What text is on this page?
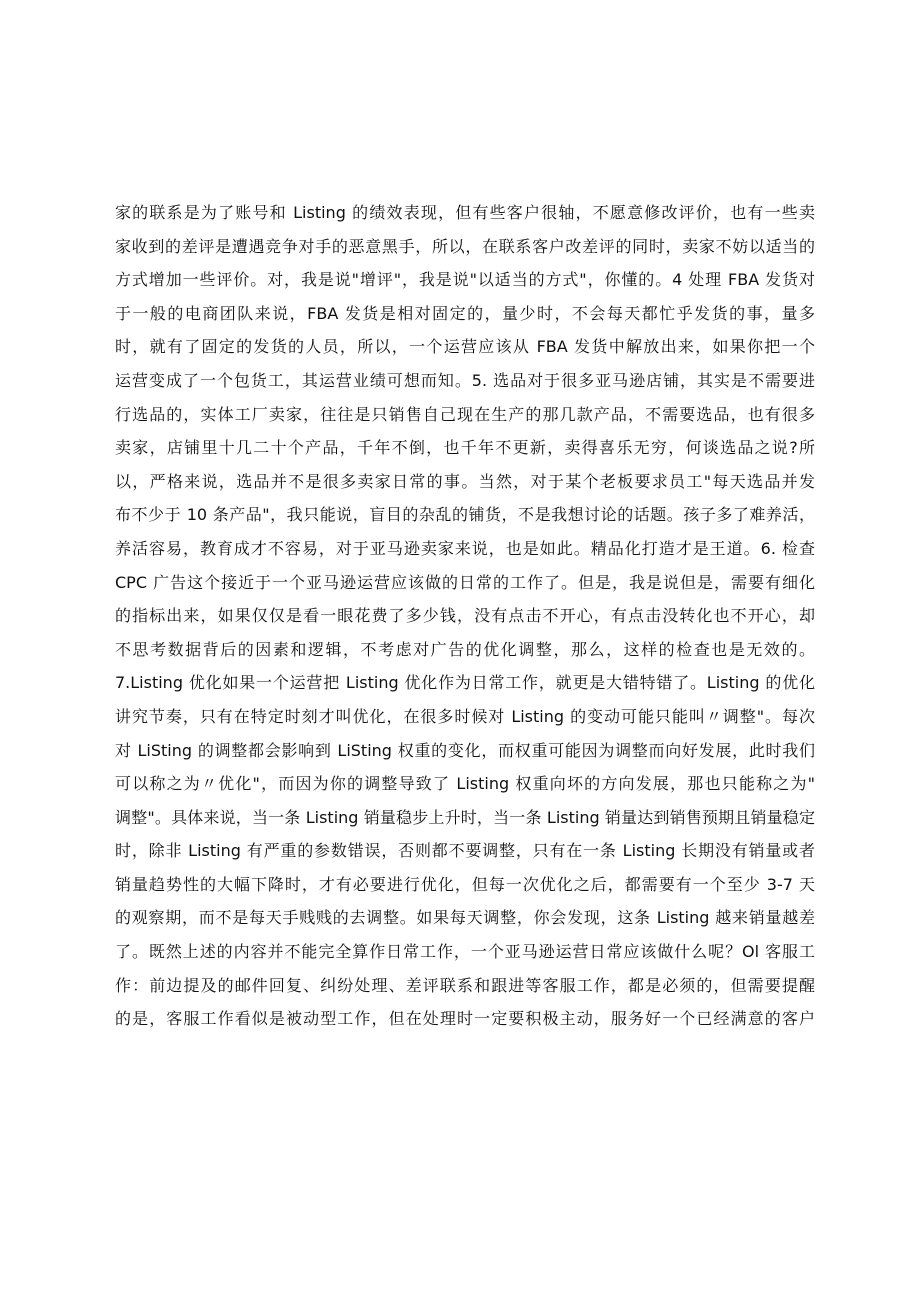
家的联系是为了账号和 Listing 的绩效表现，但有些客户很轴，不愿意修改评价，也有一些卖
家收到的差评是遭遇竞争对手的恶意黑手，所以，在联系客户改差评的同时，卖家不妨以适当的
方式增加一些评价。对，我是说"增评"，我是说"以适当的方式"，你懂的。4 处理 FBA 发货对
于一般的电商团队来说，FBA 发货是相对固定的，量少时，不会每天都忙乎发货的事，量多
时，就有了固定的发货的人员，所以，一个运营应该从 FBA 发货中解放出来，如果你把一个
运营变成了一个包货工，其运营业绩可想而知。5. 选品对于很多亚马逊店铺，其实是不需要进
行选品的，实体工厂卖家，往往是只销售自己现在生产的那几款产品，不需要选品，也有很多
卖家，店铺里十几二十个产品，千年不倒，也千年不更新，卖得喜乐无穷，何谈选品之说?所
以，严格来说，选品并不是很多卖家日常的事。当然，对于某个老板要求员工"每天选品并发
布不少于 10 条产品"，我只能说，盲目的杂乱的铺货，不是我想讨论的话题。孩子多了难养活，
养活容易，教育成才不容易，对于亚马逊卖家来说，也是如此。精品化打造才是王道。6. 检查
CPC 广告这个接近于一个亚马逊运营应该做的日常的工作了。但是，我是说但是，需要有细化
的指标出来，如果仅仅是看一眼花费了多少钱，没有点击不开心，有点击没转化也不开心，却
不思考数据背后的因素和逻辑，不考虑对广告的优化调整，那么，这样的检查也是无效的。
7.Listing 优化如果一个运营把 Listing 优化作为日常工作，就更是大错特错了。Listing 的优化
讲究节奏，只有在特定时刻才叫优化，在很多时候对 Listing 的变动可能只能叫〃调整"。每次
对 LiSting 的调整都会影响到 LiSting 权重的变化，而权重可能因为调整而向好发展，此时我们
可以称之为〃优化"，而因为你的调整导致了 Listing 权重向坏的方向发展，那也只能称之为"
调整"。具体来说，当一条 Listing 销量稳步上升时，当一条 Listing 销量达到销售预期且销量稳定
时，除非 Listing 有严重的参数错误，否则都不要调整，只有在一条 Listing 长期没有销量或者
销量趋势性的大幅下降时，才有必要进行优化，但每一次优化之后，都需要有一个至少 3-7 天
的观察期，而不是每天手贱贱的去调整。如果每天调整，你会发现，这条 Listing 越来销量越差
了。既然上述的内容并不能完全算作日常工作，一个亚马逊运营日常应该做什么呢？Ol 客服工
作：前边提及的邮件回复、纠纷处理、差评联系和跟进等客服工作，都是必须的，但需要提醒
的是，客服工作看似是被动型工作，但在处理时一定要积极主动，服务好一个已经满意的客户
